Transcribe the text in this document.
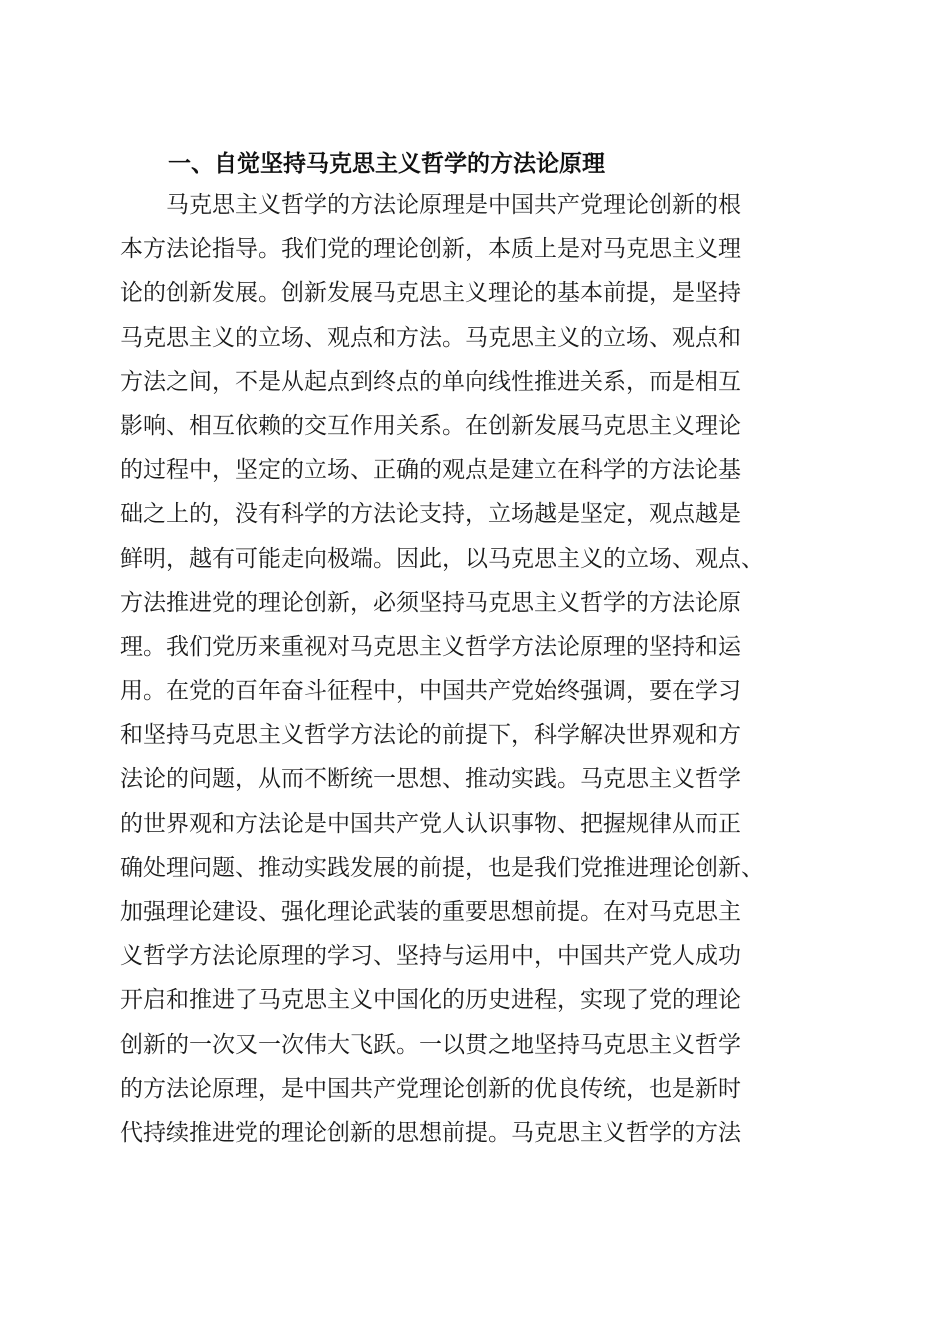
一、自觉坚持马克思主义哲学的方法论原理
马克思主义哲学的方法论原理是中国共产党理论创新的根
本方法论指导。我们党的理论创新，本质上是对马克思主义理
论的创新发展。创新发展马克思主义理论的基本前提，是坚持
马克思主义的立场、观点和方法。马克思主义的立场、观点和
方法之间，不是从起点到终点的单向线性推进关系，而是相互
影响、相互依赖的交互作用关系。在创新发展马克思主义理论
的过程中，坚定的立场、正确的观点是建立在科学的方法论基
础之上的，没有科学的方法论支持，立场越是坚定，观点越是
鲜明，越有可能走向极端。因此，以马克思主义的立场、观点、
方法推进党的理论创新，必须坚持马克思主义哲学的方法论原
理。我们党历来重视对马克思主义哲学方法论原理的坚持和运
用。在党的百年奋斗征程中，中国共产党始终强调，要在学习
和坚持马克思主义哲学方法论的前提下，科学解决世界观和方
法论的问题，从而不断统一思想、推动实践。马克思主义哲学
的世界观和方法论是中国共产党人认识事物、把握规律从而正
确处理问题、推动实践发展的前提，也是我们党推进理论创新、
加强理论建设、强化理论武装的重要思想前提。在对马克思主
义哲学方法论原理的学习、坚持与运用中，中国共产党人成功
开启和推进了马克思主义中国化的历史进程，实现了党的理论
创新的一次又一次伟大飞跃。一以贯之地坚持马克思主义哲学
的方法论原理，是中国共产党理论创新的优良传统，也是新时
代持续推进党的理论创新的思想前提。马克思主义哲学的方法
